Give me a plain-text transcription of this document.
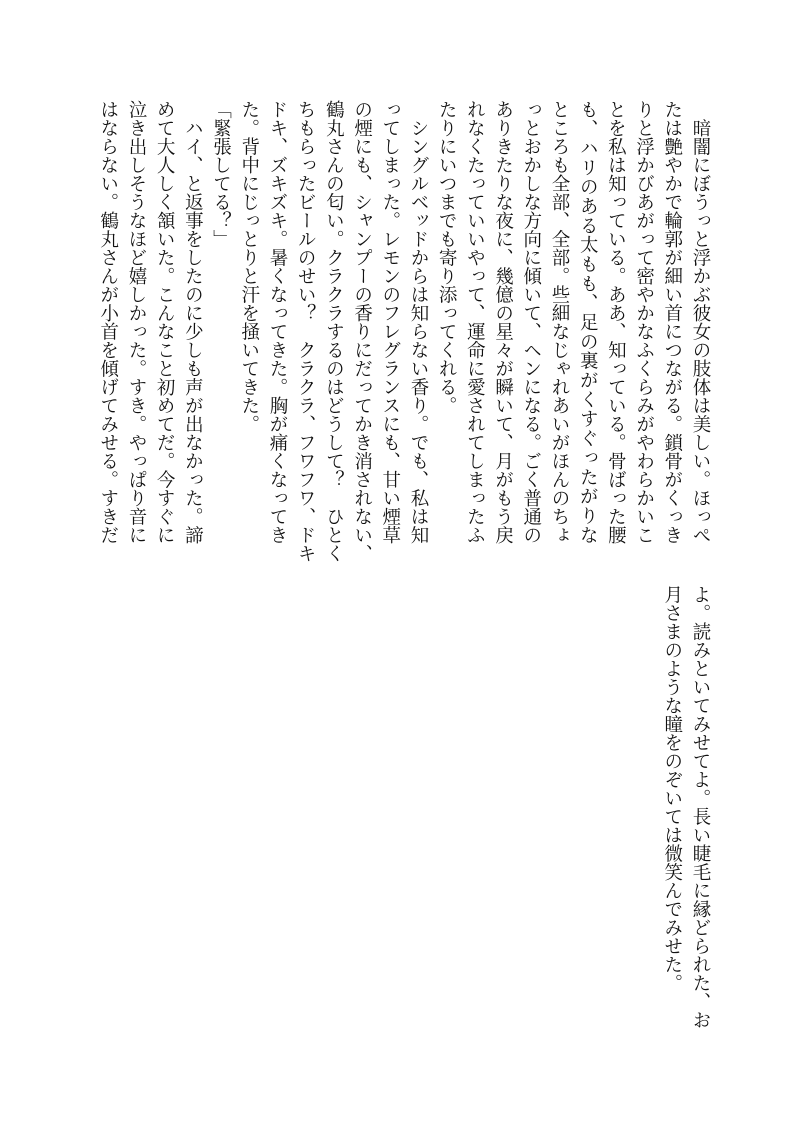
　暗闇にぼうっと浮かぶ彼女の肢体は美しい。ほっぺ
たは艶やかで輪郭が細い首につながる。鎖骨がくっき
りと浮かびあがって密やかなふくらみがやわらかいこ
とを私は知っている。ああ、知っている。骨ばった腰
も、ハリのある太もも、足の裏がくすぐったがりな
ところも全部、全部。些細なじゃれあいがほんのちょ
っとおかしな方向に傾いて、ヘンになる。ごく普通の
ありきたりな夜に、幾億の星々が瞬いて、月がもう戻
れなくたっていいやって、運命に愛されてしまったふ
たりにいつまでも寄り添ってくれる。
　シングルベッドからは知らない香り。でも、私は知
ってしまった。レモンのフレグランスにも、甘い煙草
の煙にも、シャンプーの香りにだってかき消されない、
鶴丸さんの匂い。クラクラするのはどうして？　ひとく
ちもらったビールのせい？　クラクラ、フワフワ、ドキ
ドキ、ズキズキ。暑くなってきた。胸が痛くなってき
た。背中にじっとりと汗を掻いてきた。
「緊張してる？」
　ハイ、と返事をしたのに少しも声が出なかった。諦
めて大人しく頷いた。こんなこと初めてだ。今すぐに
泣き出しそうなほど嬉しかった。すき。やっぱり音に
はならない。鶴丸さんが小首を傾げてみせる。すきだ
よ。読みといてみせてよ。長い睫毛に縁どられた、お
月さまのような瞳をのぞいては微笑んでみせた。
